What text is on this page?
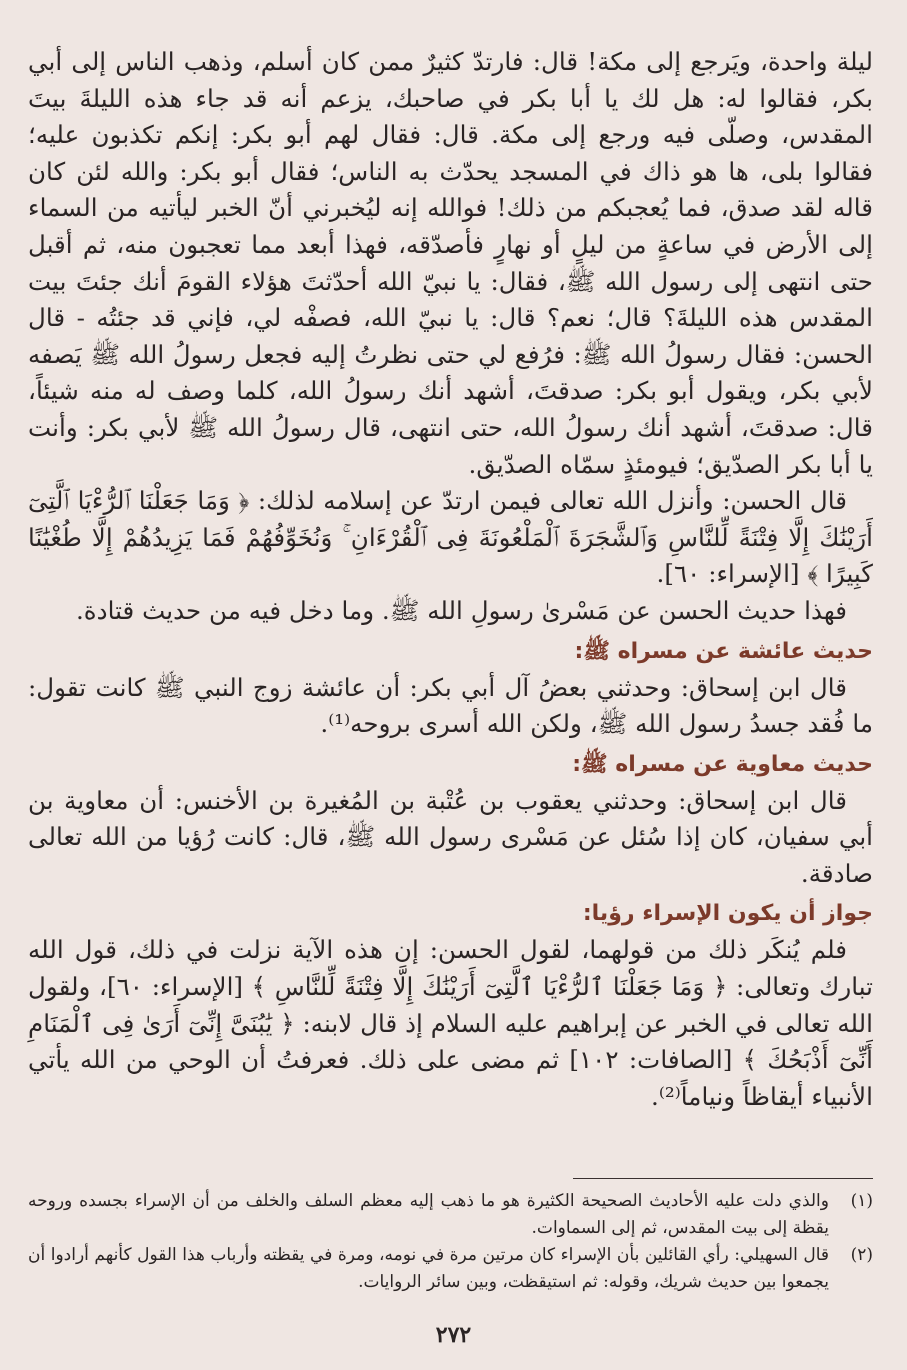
ليلة واحدة، ويَرجع إلى مكة! قال: فارتدّ كثيرٌ ممن كان أسلم، وذهب الناس إلى أبي بكر، فقالوا له: هل لك يا أبا بكر في صاحبك، يزعم أنه قد جاء هذه الليلةَ بيتَ المقدس، وصلّى فيه ورجع إلى مكة. قال: فقال لهم أبو بكر: إنكم تكذبون عليه؛ فقالوا بلى، ها هو ذاك في المسجد يحدّث به الناس؛ فقال أبو بكر: والله لئن كان قاله لقد صدق، فما يُعجبكم من ذلك! فوالله إنه ليُخبرني أنّ الخبر ليأتيه من السماء إلى الأرض في ساعةٍ من ليلٍ أو نهارٍ فأصدّقه، فهذا أبعد مما تعجبون منه، ثم أقبل حتى انتهى إلى رسول الله ﷺ، فقال: يا نبيّ الله أحدّثتَ هؤلاء القومَ أنك جئتَ بيت المقدس هذه الليلةَ؟ قال؛ نعم؟ قال: يا نبيّ الله، فصفْه لي، فإني قد جئتُه - قال الحسن: فقال رسولُ الله ﷺ: فرُفع لي حتى نظرتُ إليه فجعل رسولُ الله ﷺ يَصفه لأبي بكر، ويقول أبو بكر: صدقتَ، أشهد أنك رسولُ الله، كلما وصف له منه شيئاً، قال: صدقتَ، أشهد أنك رسولُ الله، حتى انتهى، قال رسولُ الله ﷺ لأبي بكر: وأنت يا أبا بكر الصدّيق؛ فيومئذٍ سمّاه الصدّيق.

قال الحسن: وأنزل الله تعالى فيمن ارتدّ عن إسلامه لذلك: ﴿ وَمَا جَعَلْنَا ٱلرُّءْيَا ٱلَّتِىٓ أَرَيْنَٰكَ إِلَّا فِتْنَةً لِّلنَّاسِ وَٱلشَّجَرَةَ ٱلْمَلْعُونَةَ فِى ٱلْقُرْءَانِ ۚ وَنُخَوِّفُهُمْ فَمَا يَزِيدُهُمْ إِلَّا طُغْيَٰنًا كَبِيرًا ﴾ [الإسراء: ٦٠].

فهذا حديث الحسن عن مَسْرىٰ رسولِ الله ﷺ. وما دخل فيه من حديث قتادة.

حديث عائشة عن مسراه ﷺ:

قال ابن إسحاق: وحدثني بعضُ آل أبي بكر: أن عائشة زوج النبي ﷺ كانت تقول: ما فُقد جسدُ رسول الله ﷺ، ولكن الله أسرى بروحه⁽¹⁾.

حديث معاوية عن مسراه ﷺ:

قال ابن إسحاق: وحدثني يعقوب بن عُتْبة بن المُغيرة بن الأخنس: أن معاوية بن أبي سفيان، كان إذا سُئل عن مَسْرى رسول الله ﷺ، قال: كانت رُؤيا من الله تعالى صادقة.

جواز أن يكون الإسراء رؤيا:

فلم يُنكَر ذلك من قولهما، لقول الحسن: إن هذه الآية نزلت في ذلك، قول الله تبارك وتعالى: ﴿ وَمَا جَعَلْنَا ٱلرُّءْيَا ٱلَّتِىٓ أَرَيْنَٰكَ إِلَّا فِتْنَةً لِّلنَّاسِ ﴾ [الإسراء: ٦٠]، ولقول الله تعالى في الخبر عن إبراهيم عليه السلام إذ قال لابنه: ﴿ يَٰبُنَىَّ إِنِّىٓ أَرَىٰ فِى ٱلْمَنَامِ أَنِّىٓ أَذْبَحُكَ ﴾ [الصافات: ١٠٢] ثم مضى على ذلك. فعرفتُ أن الوحي من الله يأتي الأنبياء أيقاظاً ونياماً⁽²⁾.

(١)
والذي دلت عليه الأحاديث الصحيحة الكثيرة هو ما ذهب إليه معظم السلف والخلف من أن الإسراء بجسده وروحه يقظة إلى بيت المقدس، ثم إلى السماوات.
(٢)
قال السهيلي: رأي القائلين بأن الإسراء كان مرتين مرة في نومه، ومرة في يقظته وأرباب هذا القول كأنهم أرادوا أن يجمعوا بين حديث شريك، وقوله: ثم استيقظت، وبين سائر الروايات.
٢٧٢
